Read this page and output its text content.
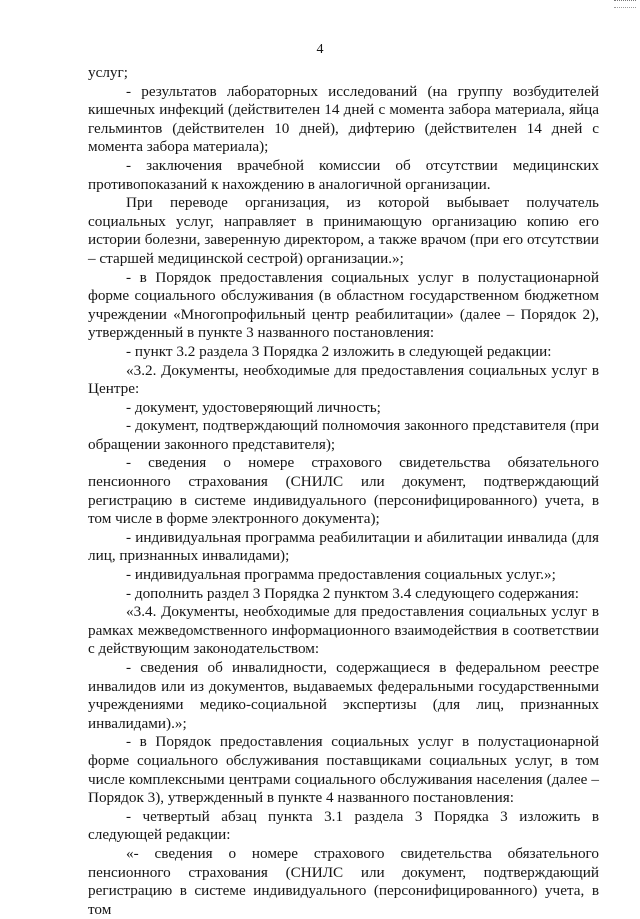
4

услуг;

- результатов лабораторных исследований (на группу возбудителей кишечных инфекций (действителен 14 дней с момента забора материала, яйца гельминтов (действителен 10 дней), дифтерию (действителен 14 дней с момента забора материала);

- заключения врачебной комиссии об отсутствии медицинских противопоказаний к нахождению в аналогичной организации.

При переводе организация, из которой выбывает получатель социальных услуг, направляет в принимающую организацию копию его истории болезни, заверенную директором, а также врачом (при его отсутствии – старшей медицинской сестрой) организации.»;

- в Порядок предоставления социальных услуг в полустационарной форме социального обслуживания (в областном государственном бюджетном учреждении «Многопрофильный центр реабилитации» (далее – Порядок 2), утвержденный в пункте 3 названного постановления:

- пункт 3.2 раздела 3 Порядка 2 изложить в следующей редакции:

«3.2. Документы, необходимые для предоставления социальных услуг в Центре:

- документ, удостоверяющий личность;

- документ, подтверждающий полномочия законного представителя (при обращении законного представителя);

- сведения о номере страхового свидетельства обязательного пенсионного страхования (СНИЛС или документ, подтверждающий регистрацию в системе индивидуального (персонифицированного) учета, в том числе в форме электронного документа);

- индивидуальная программа реабилитации и абилитации инвалида (для лиц, признанных инвалидами);

- индивидуальная программа предоставления социальных услуг.»;

- дополнить раздел 3 Порядка 2 пунктом 3.4 следующего содержания:

«3.4. Документы, необходимые для предоставления социальных услуг в рамках межведомственного информационного взаимодействия в соответствии с действующим законодательством:

- сведения об инвалидности, содержащиеся в федеральном реестре инвалидов или из документов, выдаваемых федеральными государственными учреждениями медико-социальной экспертизы (для лиц, признанных инвалидами).»;

- в Порядок предоставления социальных услуг в полустационарной форме социального обслуживания поставщиками социальных услуг, в том числе комплексными центрами социального обслуживания населения (далее – Порядок 3), утвержденный в пункте 4 названного постановления:

- четвертый абзац пункта 3.1 раздела 3 Порядка 3 изложить в следующей редакции:

«- сведения о номере страхового свидетельства обязательного пенсионного страхования (СНИЛС или документ, подтверждающий регистрацию в системе индивидуального (персонифицированного) учета, в том
